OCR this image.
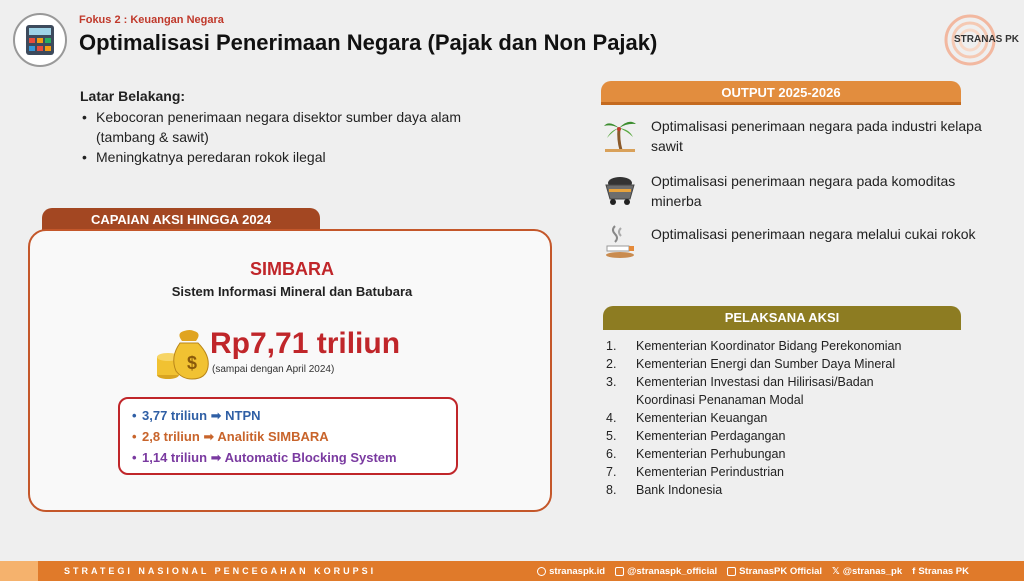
Fokus 2 : Keuangan Negara
Optimalisasi Penerimaan Negara (Pajak dan Non Pajak)	STRANAS PK
Latar Belakang:
• Kebocoran penerimaan negara disektor sumber daya alam (tambang & sawit)
• Meningkatnya peredaran rokok ilegal
CAPAIAN AKSI HINGGA 2024
SIMBARA
Sistem Informasi Mineral dan Batubara
$
Rp7,71 triliun
(sampai dengan April 2024)
• 3,77 triliun ➡ NTPN
• 2,8 triliun ➡ Analitik SIMBARA
• 1,14 triliun ➡ Automatic Blocking System
OUTPUT 2025-2026
Optimalisasi penerimaan negara pada industri kelapa sawit
Optimalisasi penerimaan negara pada komoditas minerba
Optimalisasi penerimaan negara melalui cukai rokok
PELAKSANA AKSI
1.	Kementerian Koordinator Bidang Perekonomian
2.	Kementerian Energi dan Sumber Daya Mineral
3.	Kementerian Investasi dan Hilirisasi/Badan Koordinasi Penanaman Modal
4.	Kementerian Keuangan
5.	Kementerian Perdagangan
6.	Kementerian Perhubungan
7.	Kementerian Perindustrian
8.	Bank Indonesia
STRATEGI NASIONAL PENCEGAHAN KORUPSI	stranaspk.id @stranaspk_official StranasPK Official 𝕏 @stranas_pk f Stranas PK
